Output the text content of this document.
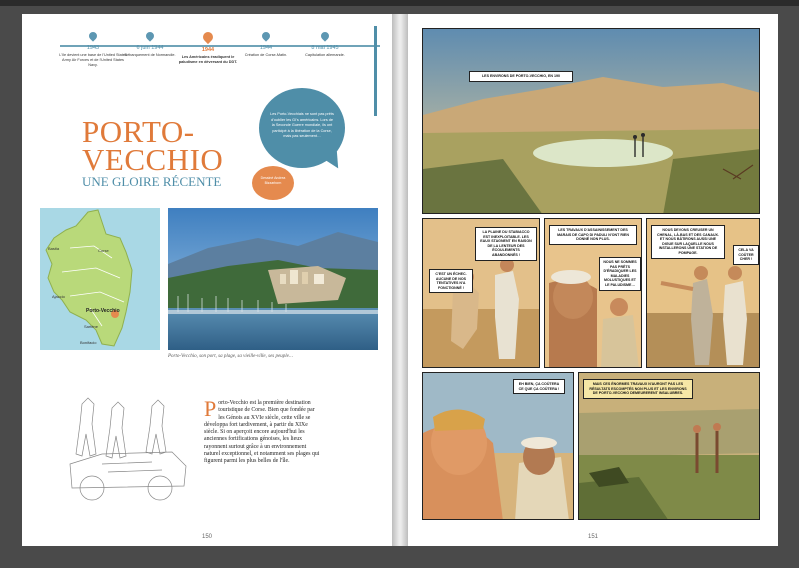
1943
L'île devient une base de l'United States Army Air Forces et de l'United States Navy.
6 juin 1944
Débarquement de Normandie.
1944
Les Américains éradiquent le paludisme en déversant du DDT.
1944
Création de Corse-Matin.
8 mai 1945
Capitulation allemande.
PORTO-
VECCHIO
UNE GLOIRE RÉCENTE
Les Porto-Vecchiais ne sont pas prêts d'oublier les GI's américains. Lors de la Seconde Guerre mondiale, ils ont participé à la libération de la Corse, mais pas seulement…
Dessiné Andrea Bizzarborn
Corse
Bastia
Ajaccio
Porto-Vecchio
Sartène
Bonifacio
Porto-Vecchio, son port, sa plage, sa vieille-ville, ses peuple…
Porto-Vecchio est la première destination touristique de Corse. Bien que fondée par les Génois au XVIe siècle, cette ville se développa fort tardivement, à partir du XIXe siècle. Si on aperçoit encore aujourd'hui les anciennes fortifications génoises, les lieux rayonnent surtout grâce à un environnement naturel exceptionnel, et notamment ses plages qui figurent parmi les plus belles de l'île.
150
LES ENVIRONS DE PORTO-VECCHIO, EN 190
LA PLAINE DU STABIACCO EST INEXPLOITABLE. LES EAUX STAGNENT EN RAISON DE LA LENTEUR DES ÉCOULEMENTS ABANDONNÉS !
C'EST UN ÉCHEC. AUCUNE DE NOS TENTATIVES N'A FONCTIONNÉ !
LES TRAVAUX D'ASSAINISSEMENT DES MARAIS DE CAPO DI PADULI N'ONT RIEN DONNÉ NON PLUS.
NOUS NE SOMMES PAS PRÊTS D'ÉRADIQUER LES MALADIES MOLUSTIQUES ET LE PALUDISME…
NOUS DEVONS CREUSER UN CHENAL, LÀ-BAS ET DES CANAUX. ET NOUS BÂTIRONS AUSSI UNE DIGUE SUR LAQUELLE NOUS INSTALLERONS UNE STATION DE POMPAGE.
CELA VA COÛTER CHER !
EH BIEN, ÇA COÛTERA CE QUE ÇA COÛTERA !
MAIS CES ÉNORMES TRAVAUX N'AURONT PAS LES RÉSULTATS ESCOMPTÉS NON PLUS ET LES ENVIRONS DE PORTO-VECCHIO DEMEURERENT INSALUBRES.
151
